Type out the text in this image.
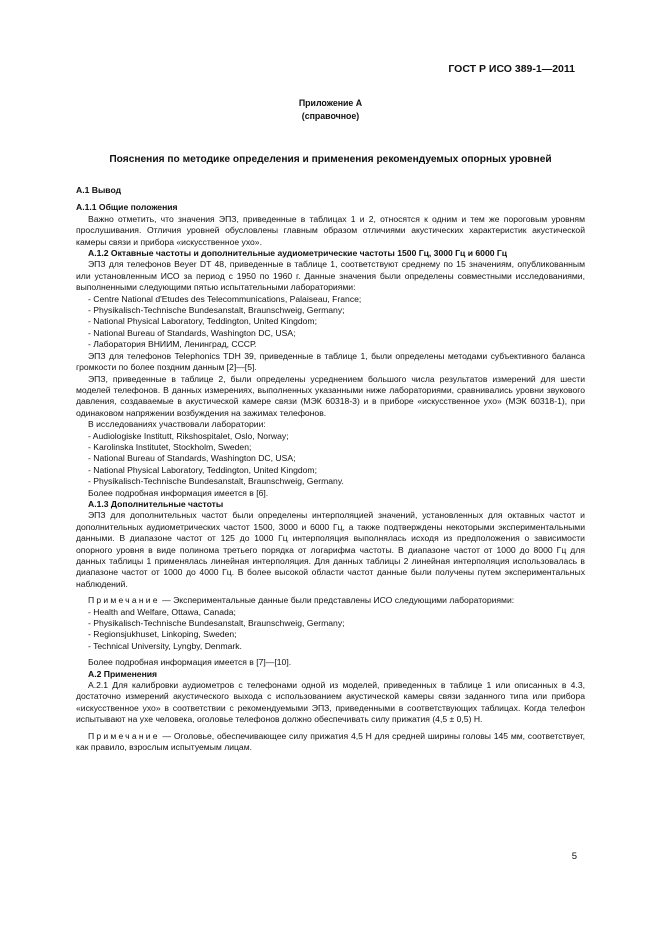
ГОСТ Р ИСО 389-1—2011
Приложение А
(справочное)
Пояснения по методике определения и применения рекомендуемых опорных уровней

А.1 Вывод

А.1.1 Общие положения

Важно отметить, что значения ЭПЗ, приведенные в таблицах 1 и 2, относятся к одним и тем же пороговым уровням прослушивания. Отличия уровней обусловлены главным образом отличиями акустических характеристик акустической камеры связи и прибора «искусственное ухо».

А.1.2 Октавные частоты и дополнительные аудиометрические частоты 1500 Гц, 3000 Гц и 6000 Гц

ЭПЗ для телефонов Beyer DT 48, приведенные в таблице 1, соответствуют среднему по 15 значениям, опубликованным или установленным ИСО за период с 1950 по 1960 г. Данные значения были определены совместными исследованиями, выполненными следующими пятью испытательными лабораториями:

- Centre National d'Etudes des Telecommunications, Palaiseau, France;

- Physikalisch-Technische Bundesanstalt, Braunschweig, Germany;

- National Physical Laboratory, Teddington, United Kingdom;

- National Bureau of Standards, Washington DC, USA;

- Лаборатория ВНИИМ, Ленинград, СССР.

ЭПЗ для телефонов Telephonics TDH 39, приведенные в таблице 1, были определены методами субъективного баланса громкости по более поздним данным [2]—[5].

ЭПЗ, приведенные в таблице 2, были определены усреднением большого числа результатов измерений для шести моделей телефонов. В данных измерениях, выполненных указанными ниже лабораториями, сравнивались уровни звукового давления, создаваемые в акустической камере связи (МЭК 60318-3) и в приборе «искусственное ухо» (МЭК 60318-1), при одинаковом напряжении возбуждения на зажимах телефонов.

В исследованиях участвовали лаборатории:

- Audiologiske Institutt, Rikshospitalet, Oslo, Norway;

- Karolinska Institutet, Stockholm, Sweden;

- National Bureau of Standards, Washington DC, USA;

- National Physical Laboratory, Teddington, United Kingdom;

- Physikalisch-Technische Bundesanstalt, Braunschweig, Germany.

Более подробная информация имеется в [6].

А.1.3 Дополнительные частоты

ЭПЗ для дополнительных частот были определены интерполяцией значений, установленных для октавных частот и дополнительных аудиометрических частот 1500, 3000 и 6000 Гц, а также подтверждены некоторыми экспериментальными данными. В диапазоне частот от 125 до 1000 Гц интерполяция выполнялась исходя из предположения о зависимости опорного уровня в виде полинома третьего порядка от логарифма частоты. В диапазоне частот от 1000 до 8000 Гц для данных таблицы 1 применялась линейная интерполяция. Для данных таблицы 2 линейная интерполяция использовалась в диапазоне частот от 1000 до 4000 Гц. В более высокой области частот данные были получены путем экспериментальных наблюдений.

Примечание — Экспериментальные данные были представлены ИСО следующими лабораториями:

- Health and Welfare, Ottawa, Canada;

- Physikalisch-Technische Bundesanstalt, Braunschweig, Germany;

- Regionsjukhuset, Linkoping, Sweden;

- Technical University, Lyngby, Denmark.

Более подробная информация имеется в [7]—[10].

А.2 Применения

А.2.1 Для калибровки аудиометров с телефонами одной из моделей, приведенных в таблице 1 или описанных в 4.3, достаточно измерений акустического выхода с использованием акустической камеры связи заданного типа или прибора «искусственное ухо» в соответствии с рекомендуемыми ЭПЗ, приведенными в соответствующих таблицах. Когда телефон испытывают на ухе человека, оголовье телефонов должно обеспечивать силу прижатия (4,5 ± 0,5) Н.

Примечание — Оголовье, обеспечивающее силу прижатия 4,5 Н для средней ширины головы 145 мм, соответствует, как правило, взрослым испытуемым лицам.

5
